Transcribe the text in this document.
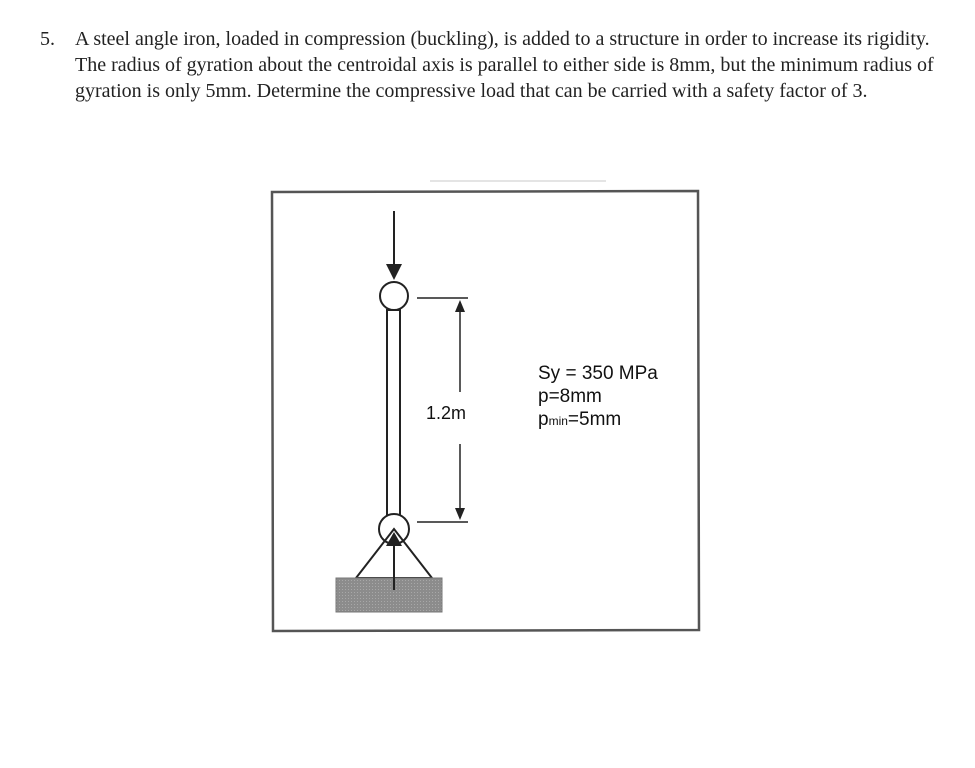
5. A steel angle iron, loaded in compression (buckling), is added to a structure in order to increase its rigidity. The radius of gyration about the centroidal axis is parallel to either side is 8mm, but the minimum radius of gyration is only 5mm. Determine the compressive load that can be carried with a safety factor of 3.
1.2m
Sy = 350 MPa
p=8mm
pmin=5mm
